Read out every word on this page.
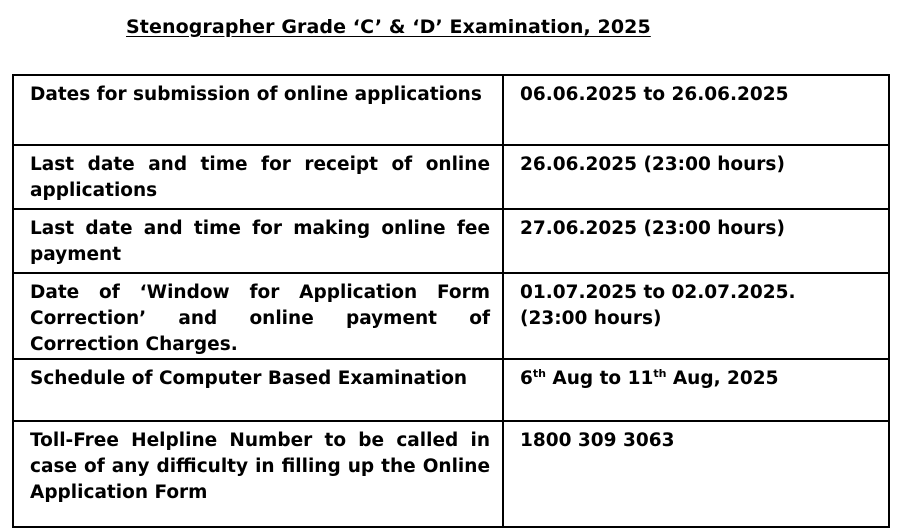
Stenographer Grade ‘C’ & ‘D’ Examination, 2025
Dates for submission of online applications	06.06.2025 to 26.06.2025
Last date and time for receipt of online applications	26.06.2025 (23:00 hours)
Last date and time for making online fee payment	27.06.2025 (23:00 hours)
Date of ‘Window for Application Form Correction’ and online payment of Correction Charges.	01.07.2025 to 02.07.2025.
(23:00 hours)

Schedule of Computer Based Examination	6th Aug to 11th Aug, 2025
Toll-Free Helpline Number to be called in case of any difficulty in filling up the Online Application Form	1800 309 3063
